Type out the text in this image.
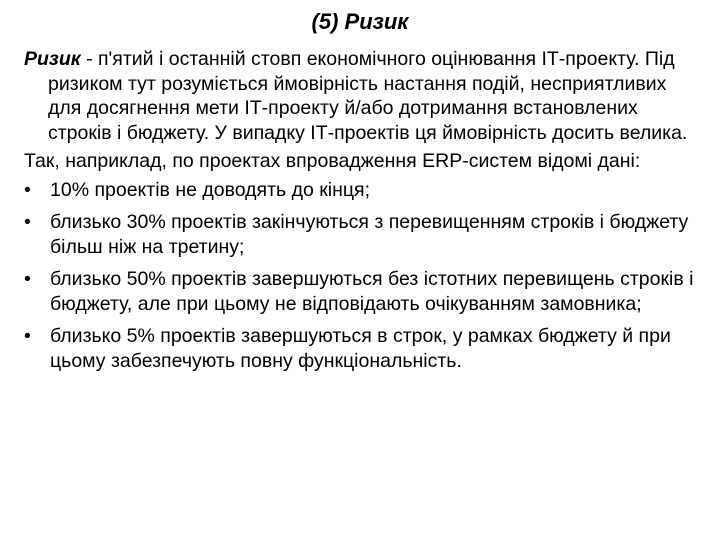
(5) Ризик

Ризик - п'ятий і останній стовп економічного оцінювання ІТ-проекту. Під ризиком тут розуміється ймовірність настання подій, несприятливих для досягнення мети ІТ-проекту й/або дотримання встановлених строків і бюджету. У випадку ІТ-проектів ця ймовірність досить велика.

Так, наприклад, по проектах впровадження ERP-систем відомі дані:

• 10% проектів не доводять до кінця;
• близько 30% проектів закінчуються з перевищенням строків і бюджету більш ніж на третину;
• близько 50% проектів завершуються без істотних перевищень строків і бюджету, але при цьому не відповідають очікуванням замовника;
• близько 5% проектів завершуються в строк, у рамках бюджету й при цьому забезпечують повну функціональність.
